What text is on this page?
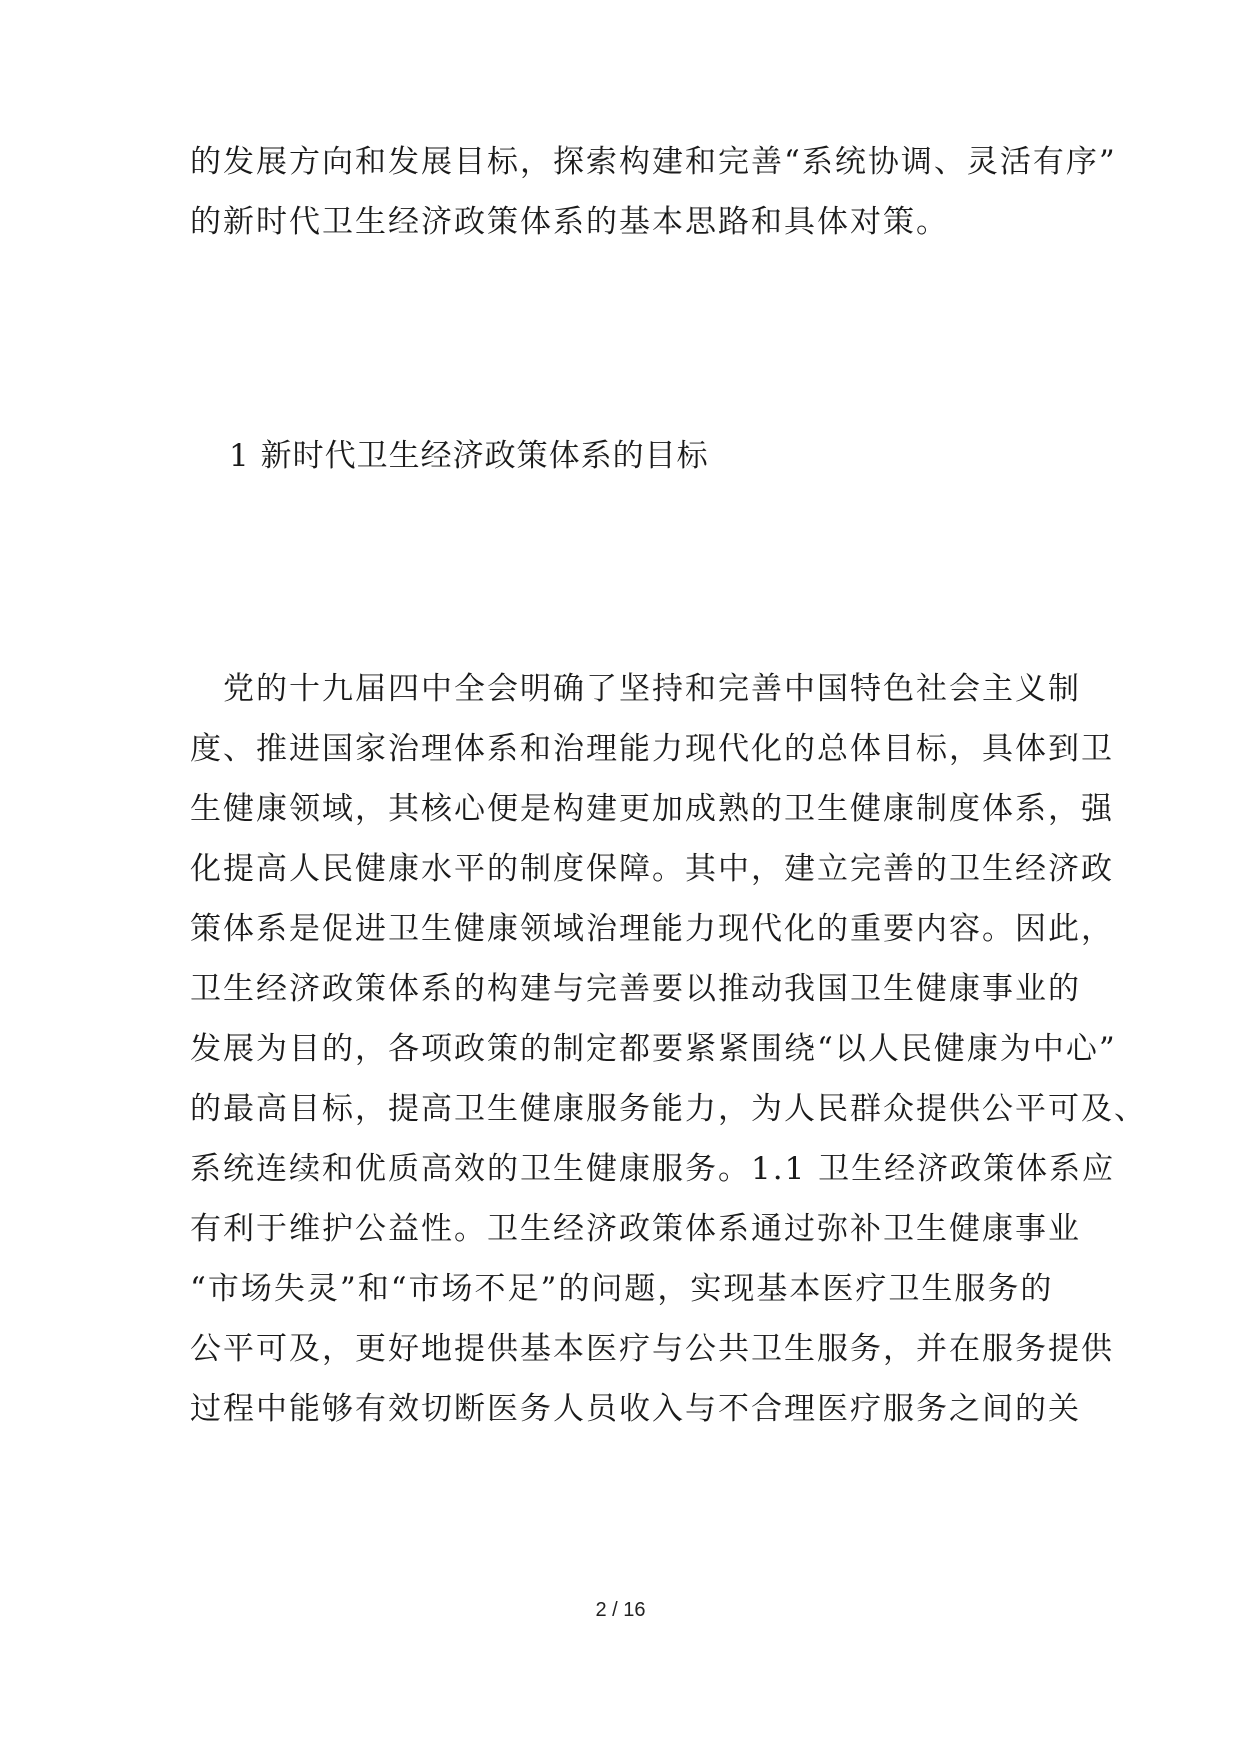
的发展方向和发展目标，探索构建和完善“系统协调、灵活有序”
的新时代卫生经济政策体系的基本思路和具体对策。
1 新时代卫生经济政策体系的目标
　党的十九届四中全会明确了坚持和完善中国特色社会主义制
度、推进国家治理体系和治理能力现代化的总体目标，具体到卫
生健康领域，其核心便是构建更加成熟的卫生健康制度体系，强
化提高人民健康水平的制度保障。其中，建立完善的卫生经济政
策体系是促进卫生健康领域治理能力现代化的重要内容。因此，
卫生经济政策体系的构建与完善要以推动我国卫生健康事业的
发展为目的，各项政策的制定都要紧紧围绕“以人民健康为中心”
的最高目标，提高卫生健康服务能力，为人民群众提供公平可及、
系统连续和优质高效的卫生健康服务。1.1 卫生经济政策体系应
有利于维护公益性。卫生经济政策体系通过弥补卫生健康事业
“市场失灵”和“市场不足”的问题，实现基本医疗卫生服务的
公平可及，更好地提供基本医疗与公共卫生服务，并在服务提供
过程中能够有效切断医务人员收入与不合理医疗服务之间的关
2 / 16
